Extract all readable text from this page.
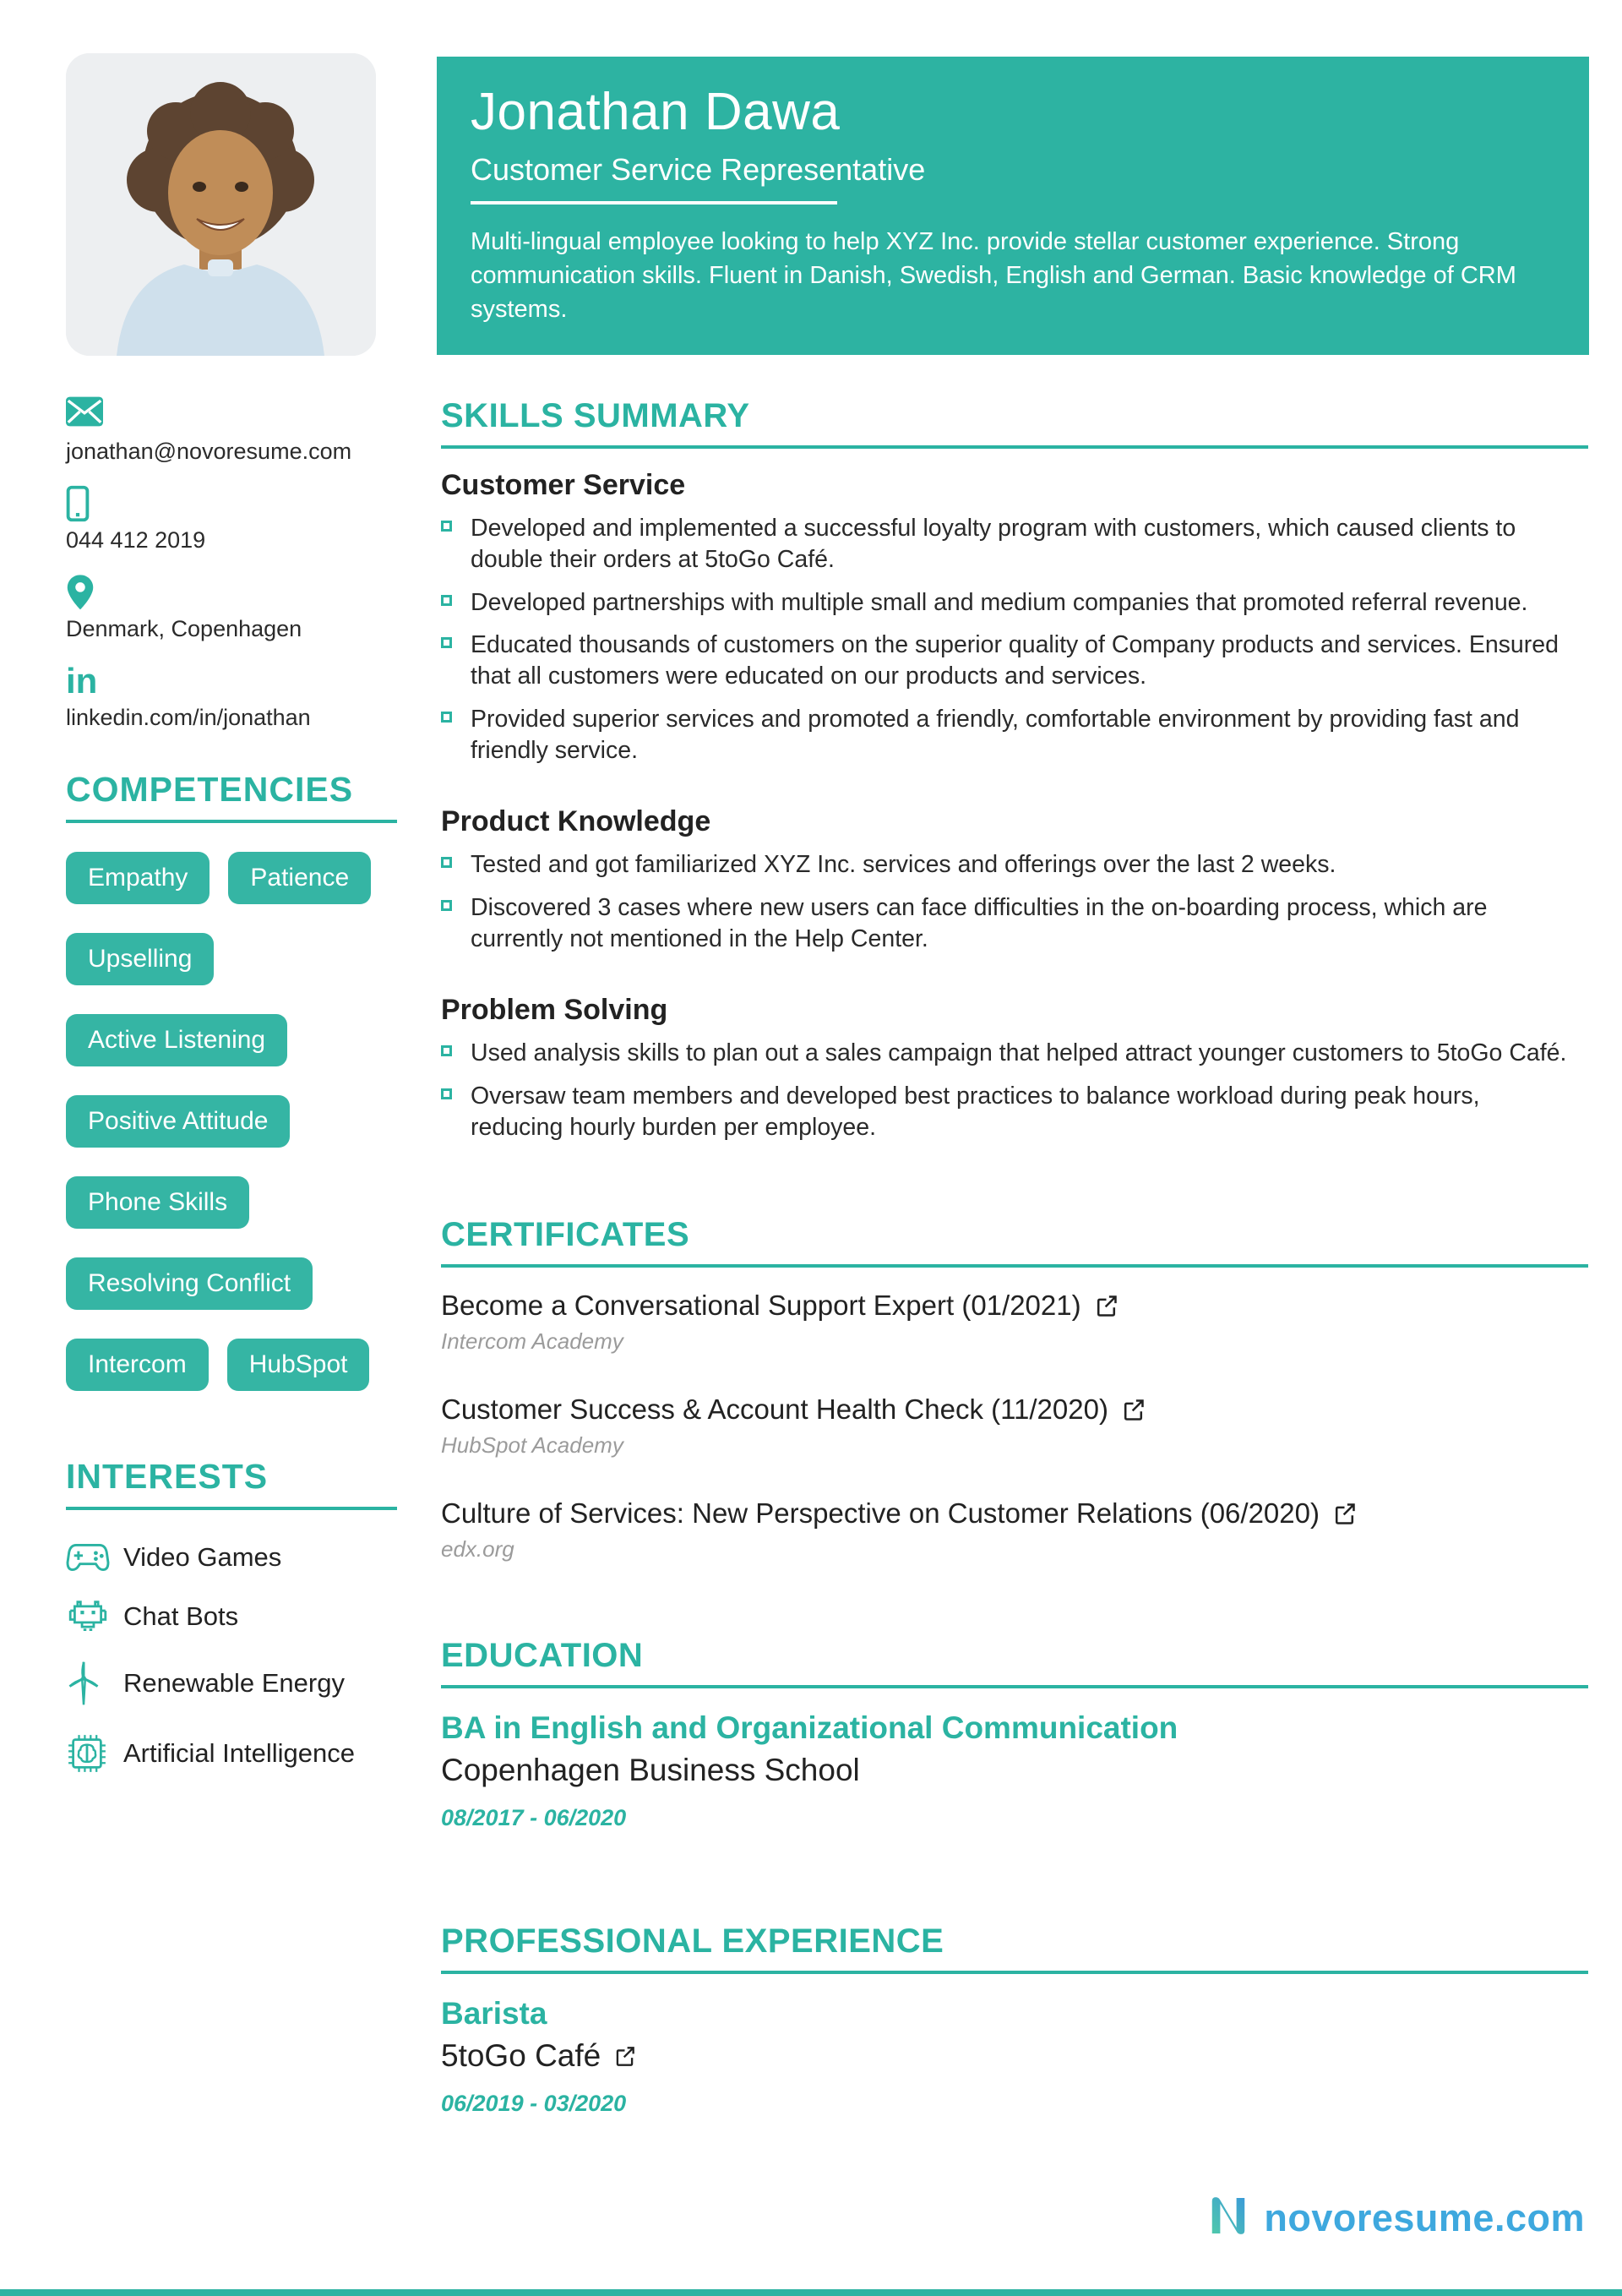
jonathan@novoresume.com
044 412 2019
Denmark, Copenhagen
in
linkedin.com/in/jonathan
COMPETENCIES
Empathy	Patience
Upselling
Active Listening
Positive Attitude
Phone Skills
Resolving Conflict
Intercom	HubSpot
INTERESTS
Video Games
Chat Bots
Renewable Energy
Artificial Intelligence
Jonathan Dawa
Customer Service Representative

Multi-lingual employee looking to help XYZ Inc. provide stellar customer experience. Strong communication skills. Fluent in Danish, Swedish, English and German. Basic knowledge of CRM systems.

SKILLS SUMMARY
Customer Service

Developed and implemented a successful loyalty program with customers, which caused clients to double their orders at 5toGo Café.

Developed partnerships with multiple small and medium companies that promoted referral revenue.

Educated thousands of customers on the superior quality of Company products and services. Ensured that all customers were educated on our products and services.

Provided superior services and promoted a friendly, comfortable environment by providing fast and friendly service.

Product Knowledge

Tested and got familiarized XYZ Inc. services and offerings over the last 2 weeks.

Discovered 3 cases where new users can face difficulties in the on-boarding process, which are currently not mentioned in the Help Center.

Problem Solving

Used analysis skills to plan out a sales campaign that helped attract younger customers to 5toGo Café.

Oversaw team members and developed best practices to balance workload during peak hours, reducing hourly burden per employee.

CERTIFICATES
Become a Conversational Support Expert (01/2021)
Intercom Academy
Customer Success & Account Health Check (11/2020)
HubSpot Academy
Culture of Services: New Perspective on Customer Relations (06/2020)
edx.org
EDUCATION
BA in English and Organizational Communication
Copenhagen Business School
08/2017 - 06/2020
PROFESSIONAL EXPERIENCE
Barista
5toGo Café
06/2019 - 03/2020
novoresume.com
